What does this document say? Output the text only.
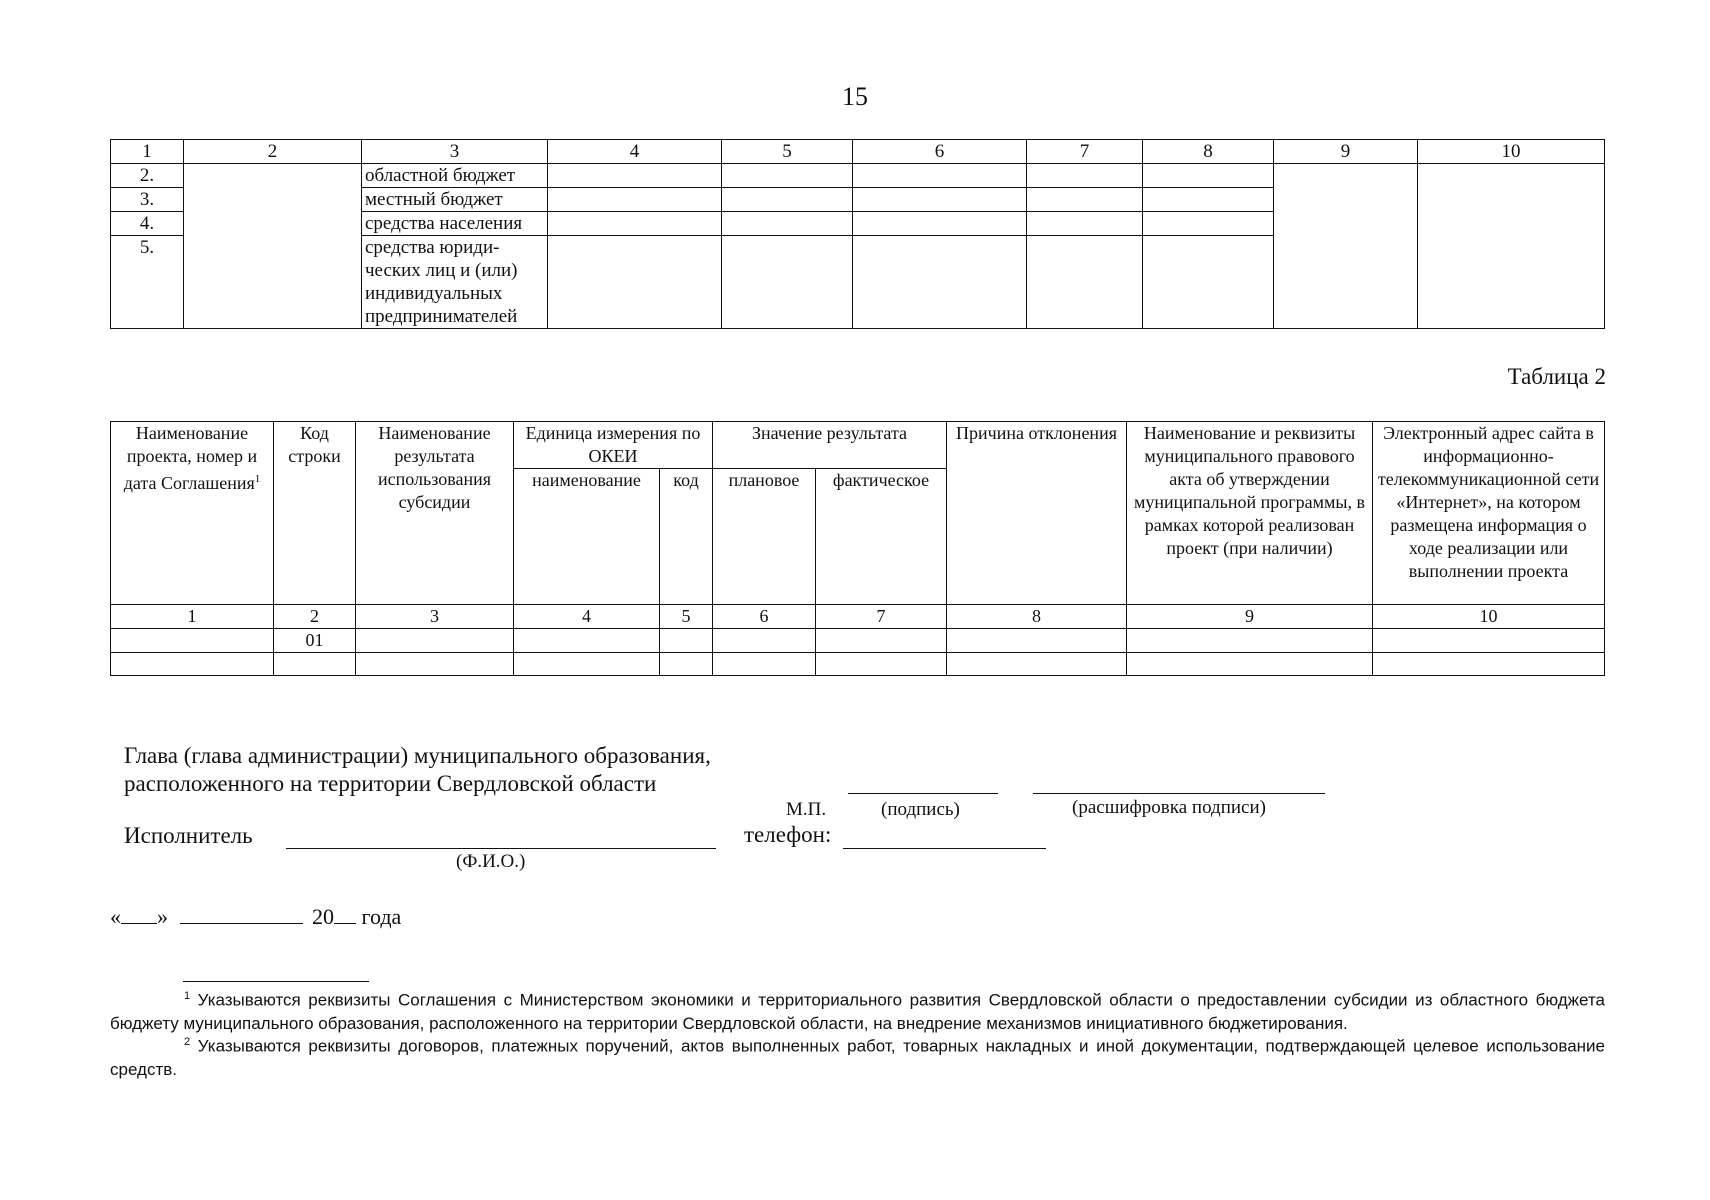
15
1	2	3	4	5	6	7	8	9	10
2.		областной бюджет							
3.		местный бюджет							
4.		средства населения							
5.		средства юриди-ческих лиц и (или) индивидуальных предпринимателей							
Таблица 2
Наименование проекта, номер и дата Соглашения$^1$	Код строки	Наименование результата использования субсидии	Единица измерения по ОКЕИ		Значение результата		Причина отклонения	Наименование и реквизиты муниципального правового акта об утверждении муниципальной программы, в рамках которой реализован проект (при наличии)	Электронный адрес сайта в информационно-телекоммуникационной сети «Интернет», на котором размещена информация о ходе реализации или выполнении проекта
			наименование	код	плановое	фактическое			
1	2	3	4	5	6	7	8	9	10
	01								

Глава (глава администрации) муниципального образования,
расположенного на территории Свердловской области
М.П.	(подпись)	(расшифровка подписи)
Исполнитель
(Ф.И.О.)
телефон:
« »	20 года
$^1$ Указываются реквизиты Соглашения с Министерством экономики и территориального развития Свердловской области о предоставлении субсидии из областного бюджета бюджету муниципального образования, расположенного на территории Свердловской области, на внедрение механизмов инициативного бюджетирования.
$^2$ Указываются реквизиты договоров, платежных поручений, актов выполненных работ, товарных накладных и иной документации, подтверждающей целевое использование средств.
